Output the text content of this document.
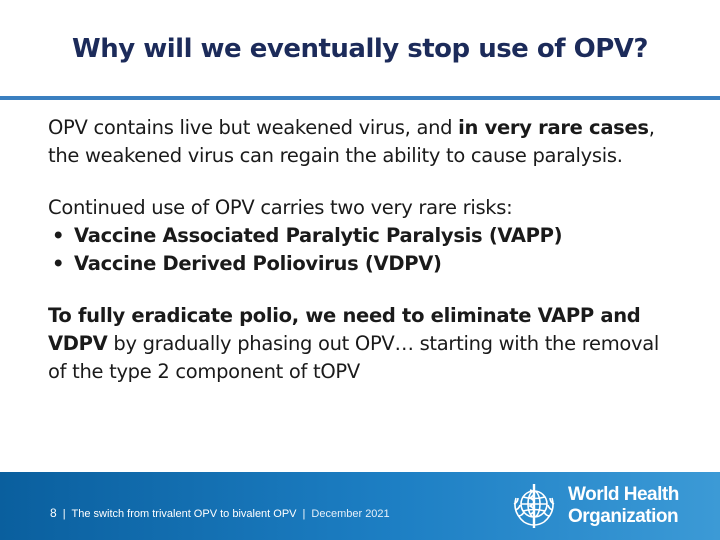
Why will we eventually stop use of OPV?

OPV contains live but weakened virus, and in very rare cases, the weakened virus can regain the ability to cause paralysis.

Continued use of OPV carries two very rare risks:
• Vaccine Associated Paralytic Paralysis (VAPP)
• Vaccine Derived Poliovirus (VDPV)

To fully eradicate polio, we need to eliminate VAPP and VDPV by gradually phasing out OPV… starting with the removal of the type 2 component of tOPV

8 | The switch from trivalent OPV to bivalent OPV | December 2021
World Health
Organization
